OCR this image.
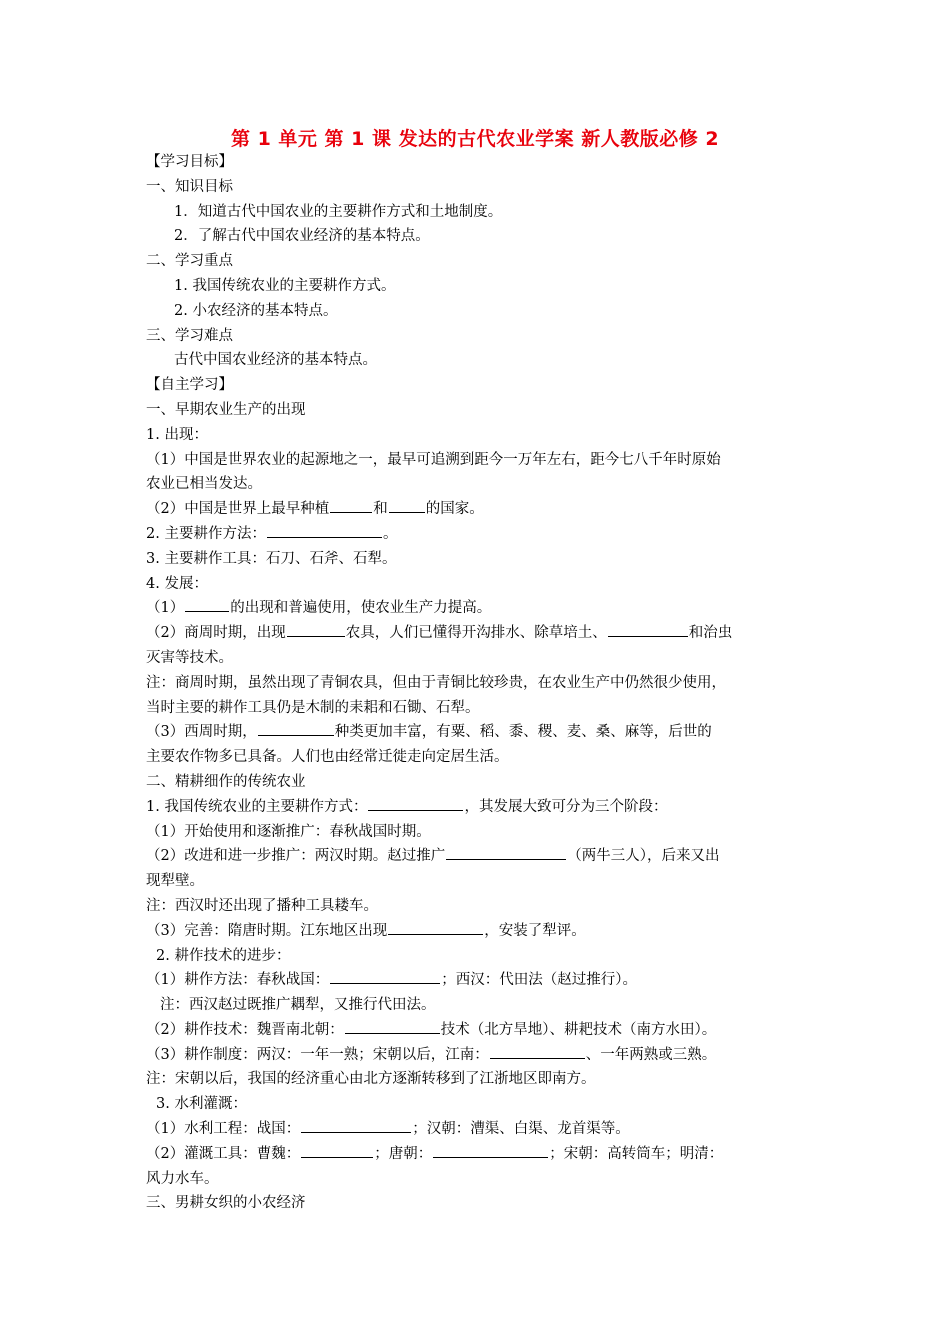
第 1 单元 第 1 课 发达的古代农业学案 新人教版必修 2
【学习目标】
一、知识目标
1．知道古代中国农业的主要耕作方式和土地制度。
2．了解古代中国农业经济的基本特点。
二、学习重点
1. 我国传统农业的主要耕作方式。
2. 小农经济的基本特点。
三、学习难点
古代中国农业经济的基本特点。
【自主学习】
一、早期农业生产的出现
1. 出现：
（1）中国是世界农业的起源地之一，最早可追溯到距今一万年左右，距今七八千年时原始
农业已相当发达。
（2）中国是世界上最早种植	和	的国家。
2. 主要耕作方法：	。
3. 主要耕作工具：石刀、石斧、石犁。
4. 发展：
（1）	的出现和普遍使用，使农业生产力提高。
（2）商周时期，出现	农具，人们已懂得开沟排水、除草培土、	和治虫
灭害等技术。
注：商周时期，虽然出现了青铜农具，但由于青铜比较珍贵，在农业生产中仍然很少使用，
当时主要的耕作工具仍是木制的耒耜和石锄、石犁。
（3）西周时期，	种类更加丰富，有粟、稻、黍、稷、麦、桑、麻等，后世的
主要农作物多已具备。人们也由经常迁徙走向定居生活。
二、精耕细作的传统农业
1. 我国传统农业的主要耕作方式：	，其发展大致可分为三个阶段：
（1）开始使用和逐渐推广：春秋战国时期。
（2）改进和进一步推广：两汉时期。赵过推广	（两牛三人），后来又出
现犁壁。
注：西汉时还出现了播种工具耧车。
（3）完善：隋唐时期。江东地区出现	，安装了犁评。
2. 耕作技术的进步：
（1）耕作方法：春秋战国：	；西汉：代田法（赵过推行）。
注：西汉赵过既推广耦犁，又推行代田法。
（2）耕作技术：魏晋南北朝：	技术（北方旱地）、耕耙技术（南方水田）。
（3）耕作制度：两汉：一年一熟；宋朝以后，江南：	、一年两熟或三熟。
注：宋朝以后，我国的经济重心由北方逐渐转移到了江浙地区即南方。
3. 水利灌溉：
（1）水利工程：战国：	；汉朝：漕渠、白渠、龙首渠等。
（2）灌溉工具：曹魏：	；唐朝：	；宋朝：高转筒车；明清：
风力水车。
三、男耕女织的小农经济
